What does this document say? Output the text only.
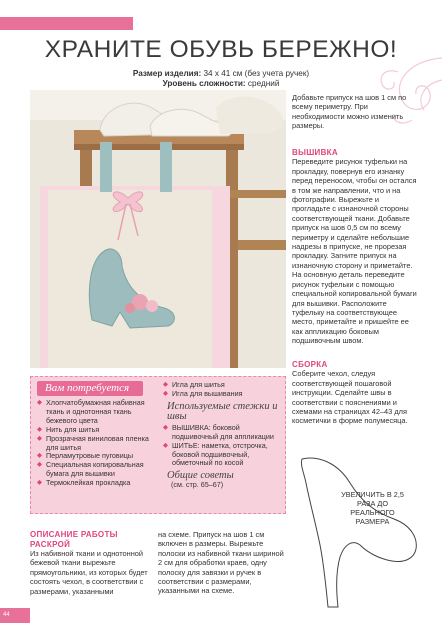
ХРАНИТЕ ОБУВЬ БЕРЕЖНО!
Размер изделия: 34 х 41 см (без учета ручек)
Уровень сложности: средний

Добавьте припуск на шов 1 см по всему периметру. При необходимости можно изменить размеры.

ВЫШИВКА

Переведите рисунок туфельки на прокладку, повернув его изнанку перед переносом, чтобы он остался в том же направлении, что и на фотографии. Вырежьте и прогладьте с изнаночной стороны соответствующей ткани. Добавьте припуск на шов 0,5 см по всему периметру и сделайте небольшие надрезы в припуске, не прорезая прокладку. Загните припуск на изнаночную сторону и приметайте. На основную деталь переведите рисунок туфельки с помощью специальной копировальной бумаги для вышивки. Расположите туфельку на соответствующее место, приметайте и пришейте ее как аппликацию боковым подшивочным швом.

СБОРКА

Соберите чехол, следуя соответствующей пошаговой инструкции. Сделайте швы в соответствии с пояснениями и схемами на страницах 42–43 для косметички в форме полумесяца.

Вам потребуется
◆ Хлопчатобумажная набивная ткань и однотонная ткань бежевого цвета
◆ Нить для шитья
◆ Прозрачная виниловая пленка для шитья
◆ Перламутровые пуговицы
◆ Специальная копировальная бумага для вышивки
◆ Термоклейкая прокладка
◆ Игла для шитья
◆ Игла для вышивания
Используемые стежки и швы
◆ ВЫШИВКА: боковой подшивочный для аппликации
◆ ШИТЬЕ: наметка, отстрочка, боковой подшивочный, обметочный по косой
Общие советы
(см. стр. 65–67)

ОПИСАНИЕ РАБОТЫ РАСКРОЙ

Из набивной ткани и однотонной бежевой ткани вырежьте прямоугольники, из которых будет состоять чехол, в соответствии с размерами, указанными

на схеме. Припуск на шов 1 см включен в размеры. Вырежьте полоски из набивной ткани шириной 2 см для обработки краев, одну полоску для завязки и ручек в соответствии с размерами, указанными на схеме.

УВЕЛИЧИТЬ В 2,5 РАЗА ДО РЕАЛЬНОГО РАЗМЕРА
44
